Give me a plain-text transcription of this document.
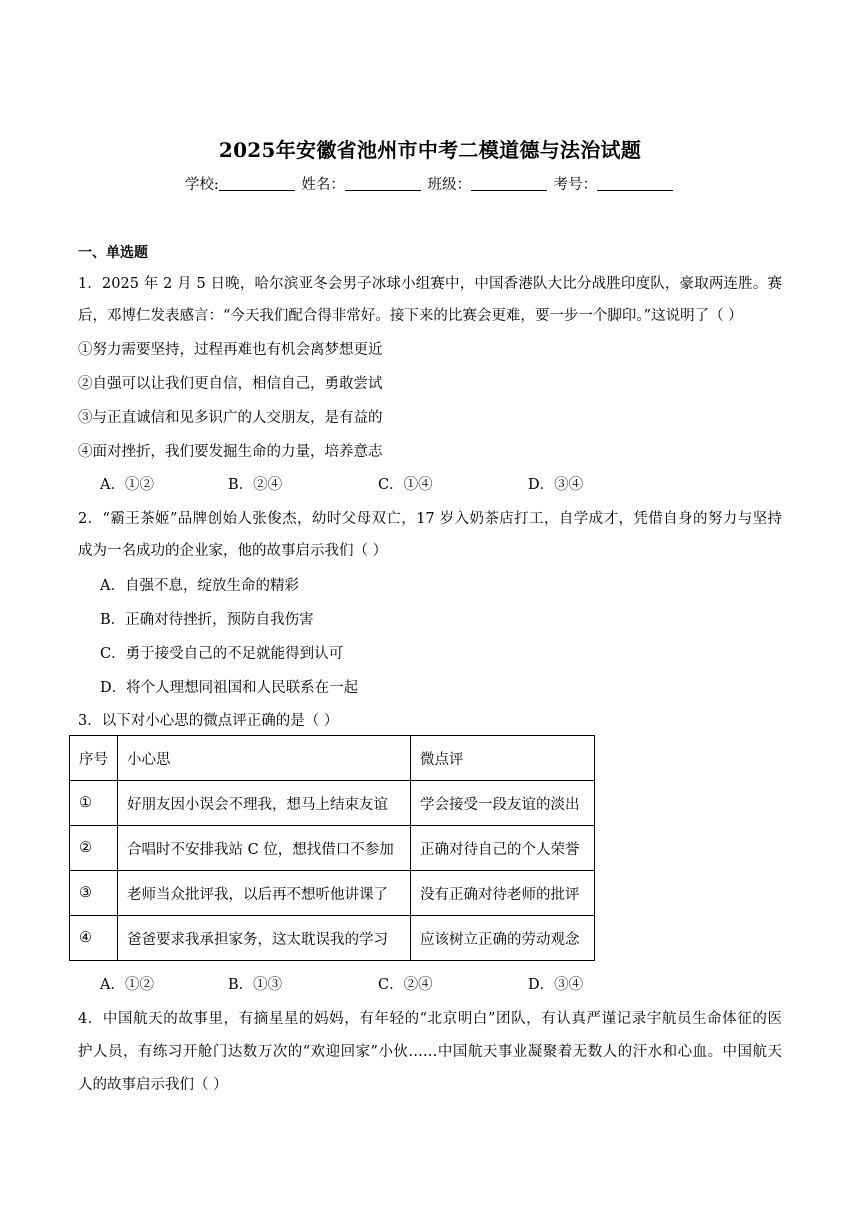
2025年安徽省池州市中考二模道德与法治试题
学校:	姓名：	班级：	考号：
一、单选题
1．2025 年 2 月 5 日晚，哈尔滨亚冬会男子冰球小组赛中，中国香港队大比分战胜印度队，豪取两连胜。赛
后，邓博仁发表感言：“今天我们配合得非常好。接下来的比赛会更难，要一步一个脚印。”这说明了（ ）
①努力需要坚持，过程再难也有机会离梦想更近
②自强可以让我们更自信，相信自己，勇敢尝试
③与正直诚信和见多识广的人交朋友，是有益的
④面对挫折，我们要发掘生命的力量，培养意志
A．①②	B．②④	C．①④	D．③④
2．“霸王茶姬”品牌创始人张俊杰，幼时父母双亡，17 岁入奶茶店打工，自学成才，凭借自身的努力与坚持
成为一名成功的企业家，他的故事启示我们（ ）
A．自强不息，绽放生命的精彩
B．正确对待挫折，预防自我伤害
C．勇于接受自己的不足就能得到认可
D．将个人理想同祖国和人民联系在一起
3．以下对小心思的微点评正确的是（ ）
序号	小心思	微点评
①	好朋友因小误会不理我，想马上结束友谊	学会接受一段友谊的淡出
②	合唱时不安排我站 C 位，想找借口不参加	正确对待自己的个人荣誉
③	老师当众批评我，以后再不想听他讲课了	没有正确对待老师的批评
④	爸爸要求我承担家务，这太耽误我的学习	应该树立正确的劳动观念
A．①②	B．①③	C．②④	D．③④
4．中国航天的故事里，有摘星星的妈妈，有年轻的“北京明白”团队，有认真严谨记录宇航员生命体征的医
护人员，有练习开舱门达数万次的“欢迎回家”小伙……中国航天事业凝聚着无数人的汗水和心血。中国航天
人的故事启示我们（ ）
